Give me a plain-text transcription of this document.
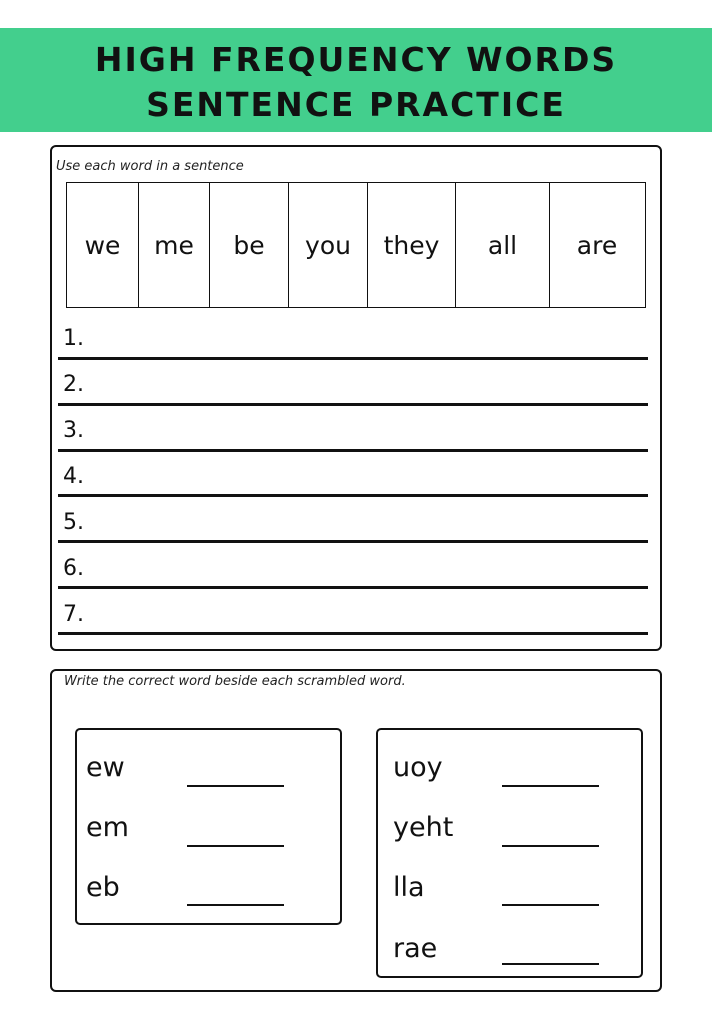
HIGH FREQUENCY WORDS
SENTENCE PRACTICE
Use each word in a sentence
we	me	be	you	they	all	are
1.
2.
3.
4.
5.
6.
7.
Write the correct word beside each scrambled word.
ew
em
eb
uoy
yeht
lla
rae
